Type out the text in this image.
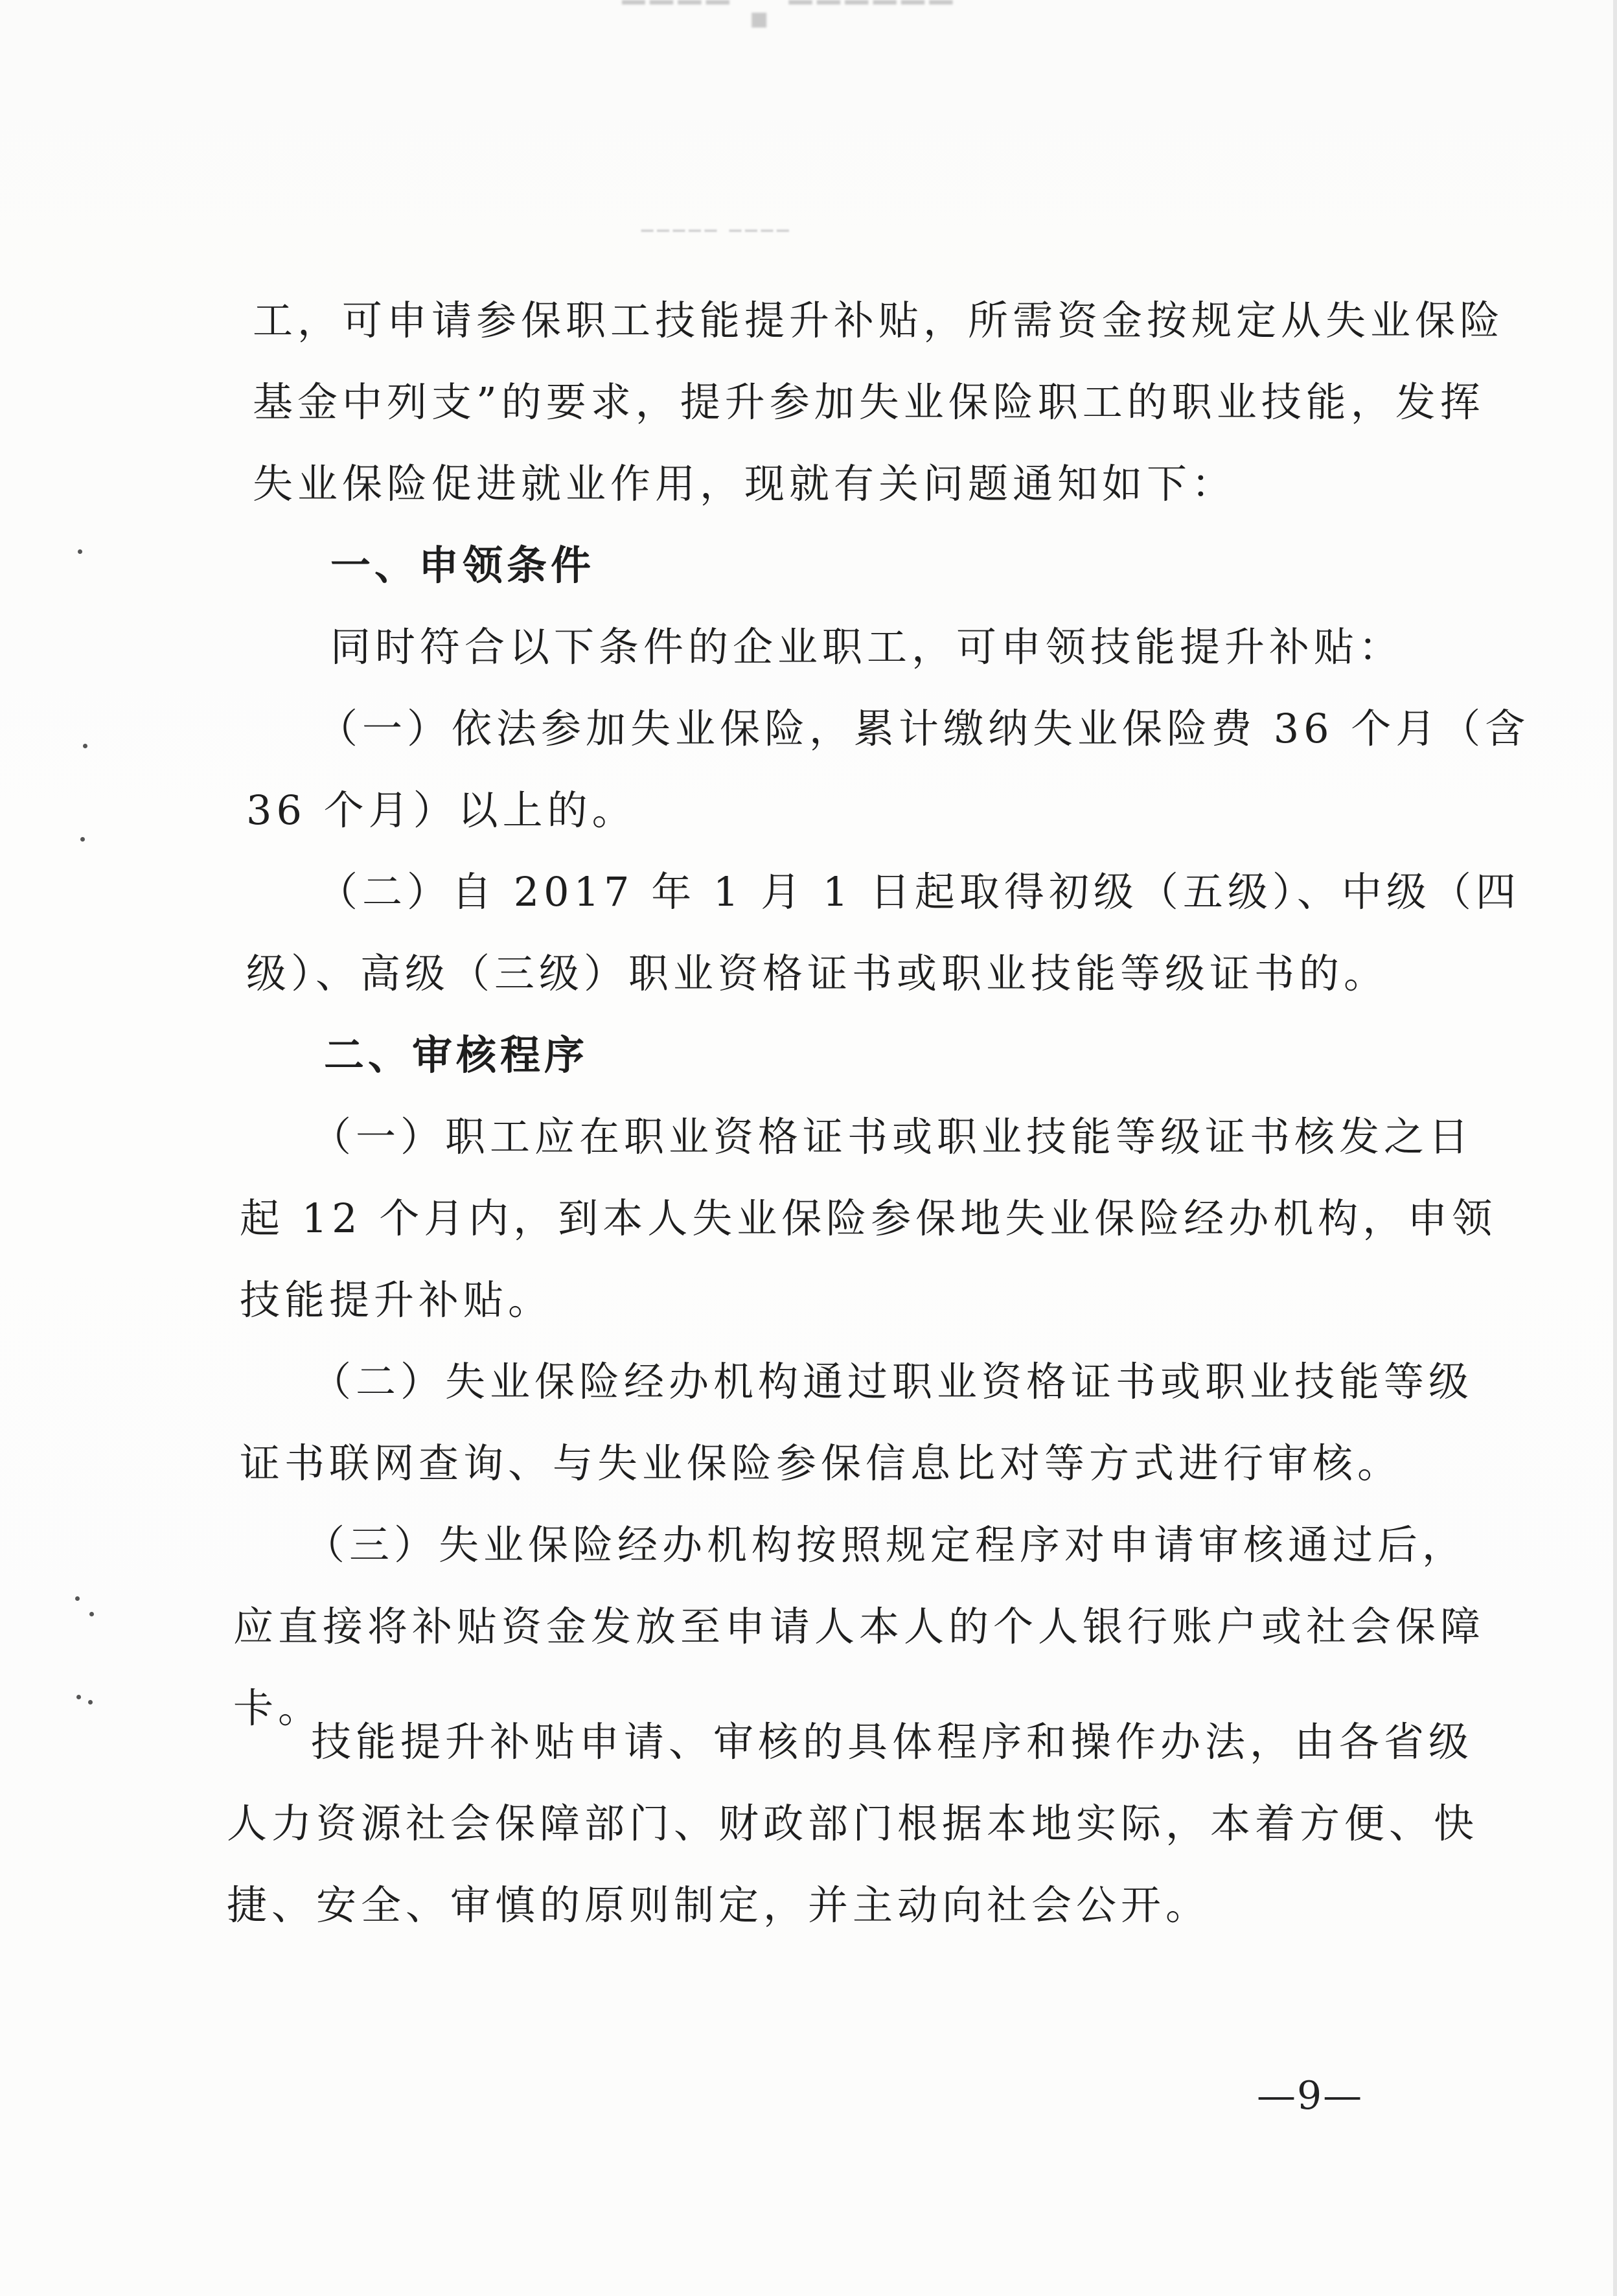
▔▔▔▔ ▪ ▔▔▔▔▔▔
▁▁▁▁▁ ▁▁▁▁
工，可申请参保职工技能提升补贴，所需资金按规定从失业保险
基金中列支”的要求，提升参加失业保险职工的职业技能，发挥
失业保险促进就业作用，现就有关问题通知如下：
一、申领条件
同时符合以下条件的企业职工，可申领技能提升补贴：
（一）依法参加失业保险，累计缴纳失业保险费 36 个月（含
36 个月）以上的。
（二）自 2017 年 1 月 1 日起取得初级（五级）、中级（四
级）、高级（三级）职业资格证书或职业技能等级证书的。
二、审核程序
（一）职工应在职业资格证书或职业技能等级证书核发之日
起 12 个月内，到本人失业保险参保地失业保险经办机构，申领
技能提升补贴。
（二）失业保险经办机构通过职业资格证书或职业技能等级
证书联网查询、与失业保险参保信息比对等方式进行审核。
（三）失业保险经办机构按照规定程序对申请审核通过后，
应直接将补贴资金发放至申请人本人的个人银行账户或社会保障
卡。
技能提升补贴申请、审核的具体程序和操作办法，由各省级
人力资源社会保障部门、财政部门根据本地实际，本着方便、快
捷、安全、审慎的原则制定，并主动向社会公开。
—9—
